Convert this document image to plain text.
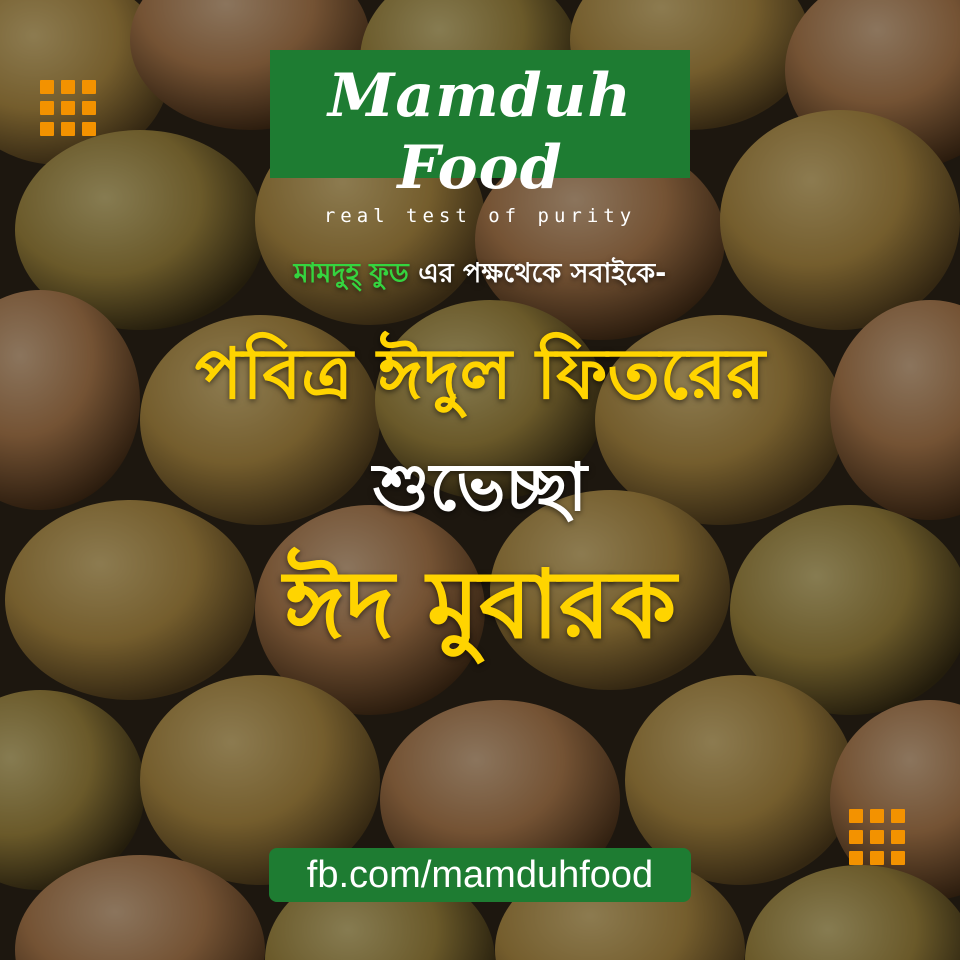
Mamduh Food
real test of purity
মামদুহ্ ফুড এর পক্ষথেকে সবাইকে-
পবিত্র ঈদুল ফিতরের
শুভেচ্ছা
ঈদ মুবারক
fb.com/mamduhfood
